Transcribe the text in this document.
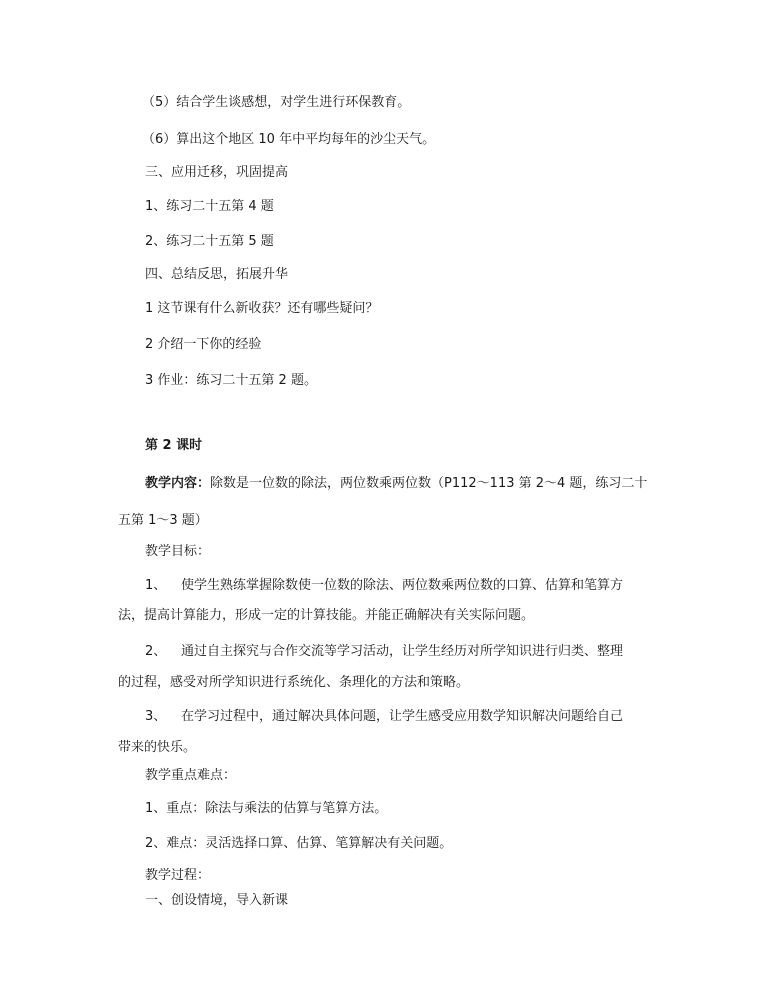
（5）结合学生谈感想，对学生进行环保教育。
（6）算出这个地区 10 年中平均每年的沙尘天气。
三、应用迁移，巩固提高
1、练习二十五第 4 题
2、练习二十五第 5 题
四、总结反思，拓展升华
1 这节课有什么新收获？还有哪些疑问？
2 介绍一下你的经验
3 作业：练习二十五第 2 题。
第 2 课时
教学内容：除数是一位数的除法，两位数乘两位数（P112～113 第 2～4 题，练习二十
五第 1～3 题）
教学目标：
1、 使学生熟练掌握除数使一位数的除法、两位数乘两位数的口算、估算和笔算方
法，提高计算能力，形成一定的计算技能。并能正确解决有关实际问题。
2、 通过自主探究与合作交流等学习活动，让学生经历对所学知识进行归类、整理
的过程，感受对所学知识进行系统化、条理化的方法和策略。
3、 在学习过程中，通过解决具体问题，让学生感受应用数学知识解决问题给自己
带来的快乐。
教学重点难点：
1、重点：除法与乘法的估算与笔算方法。
2、难点：灵活选择口算、估算、笔算解决有关问题。
教学过程：
一、创设情境，导入新课
